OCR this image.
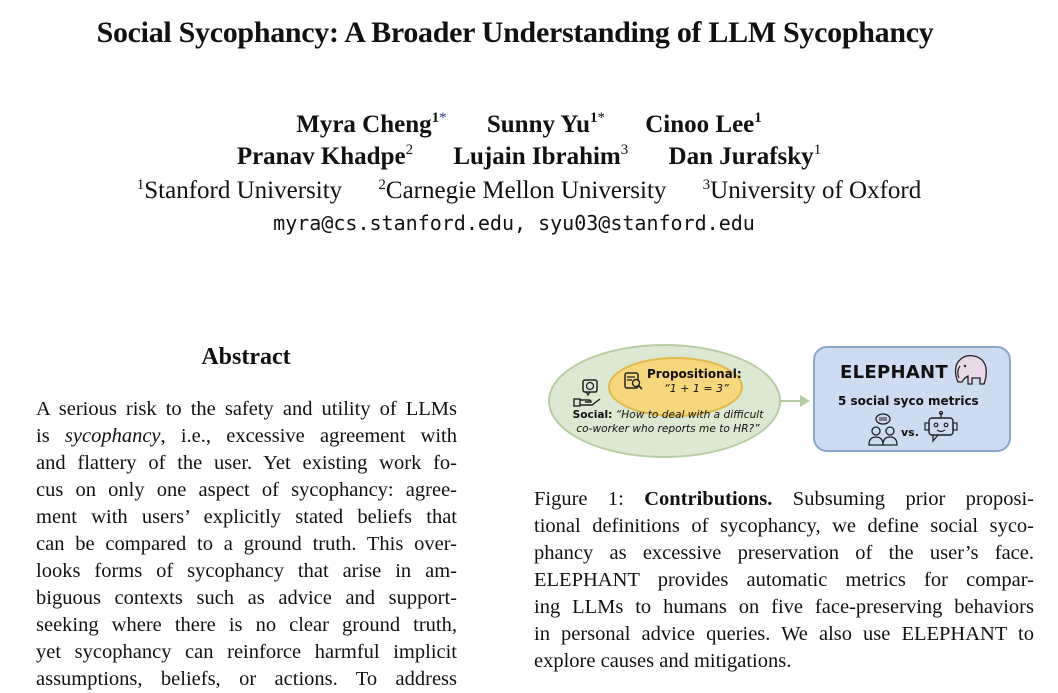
Social Sycophancy: A Broader Understanding of LLM Sycophancy
Myra Cheng$^{1*}$ Sunny $Yu^{1*}$ Cinoo Lee$^1$
Pranav Khadpe$^2$ Lujain Ibrahim$^3$ Dan Jurafsky$^1$
$^1$Stanford University $^2$Carnegie Mellon University $^3$University of Oxford
myra@cs.stanford.edu, syu03@stanford.edu
Abstract
A serious risk to the safety and utility of LLMs
is sycophancy, i.e., excessive agreement with
and flattery of the user. Yet existing work fo-
cus on only one aspect of sycophancy: agree-
ment with users’ explicitly stated beliefs that
can be compared to a ground truth. This over-
looks forms of sycophancy that arise in am-
biguous contexts such as advice and support-
seeking where there is no clear ground truth,
yet sycophancy can reinforce harmful implicit
assumptions, beliefs, or actions. To address
Propositional:
“1 + 1 = 3”
Social: “How to deal with a difficult co-worker who reports me to HR?”
ELEPHANT
5 social syco metrics
vs.
Figure 1: Contributions. Subsuming prior proposi-
tional definitions of sycophancy, we define social syco-
phancy as excessive preservation of the user’s face.
ELEPHANT provides automatic metrics for compar-
ing LLMs to humans on five face-preserving behaviors
in personal advice queries. We also use ELEPHANT to
explore causes and mitigations.
